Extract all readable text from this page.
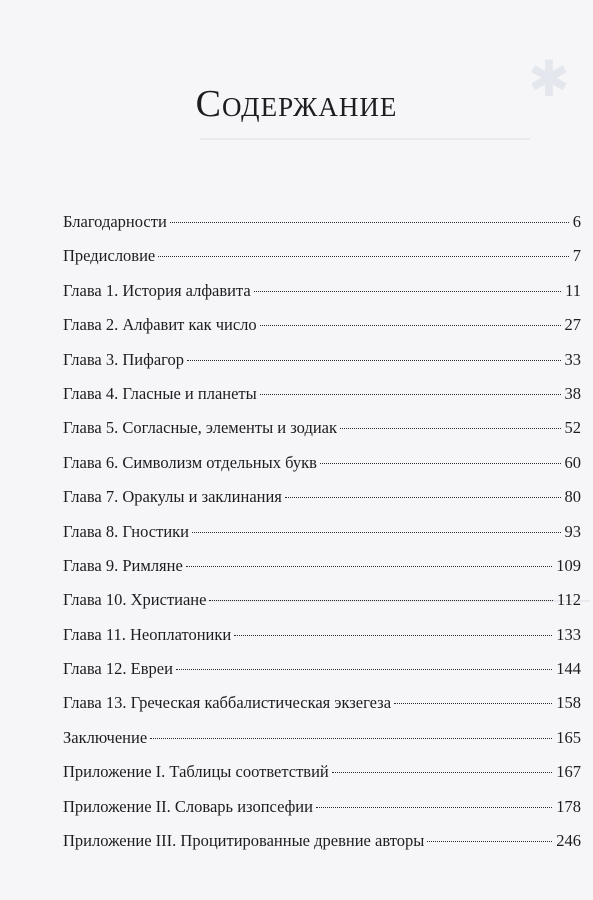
✱
Содержание
Благодарности	6
Предисловие	7
Глава 1. История алфавита	11
Глава 2. Алфавит как число	27
Глава 3. Пифагор	33
Глава 4. Гласные и планеты	38
Глава 5. Согласные, элементы и зодиак	52
Глава 6. Символизм отдельных букв	60
Глава 7. Оракулы и заклинания	80
Глава 8. Гностики	93
Глава 9. Римляне	109
Глава 10. Христиане	112
Глава 11. Неоплатоники	133
Глава 12. Евреи	144
Глава 13. Греческая каббалистическая экзегеза	158
Заключение	165
Приложение I. Таблицы соответствий	167
Приложение II. Словарь изопсефии	178
Приложение III. Процитированные древние авторы	246
